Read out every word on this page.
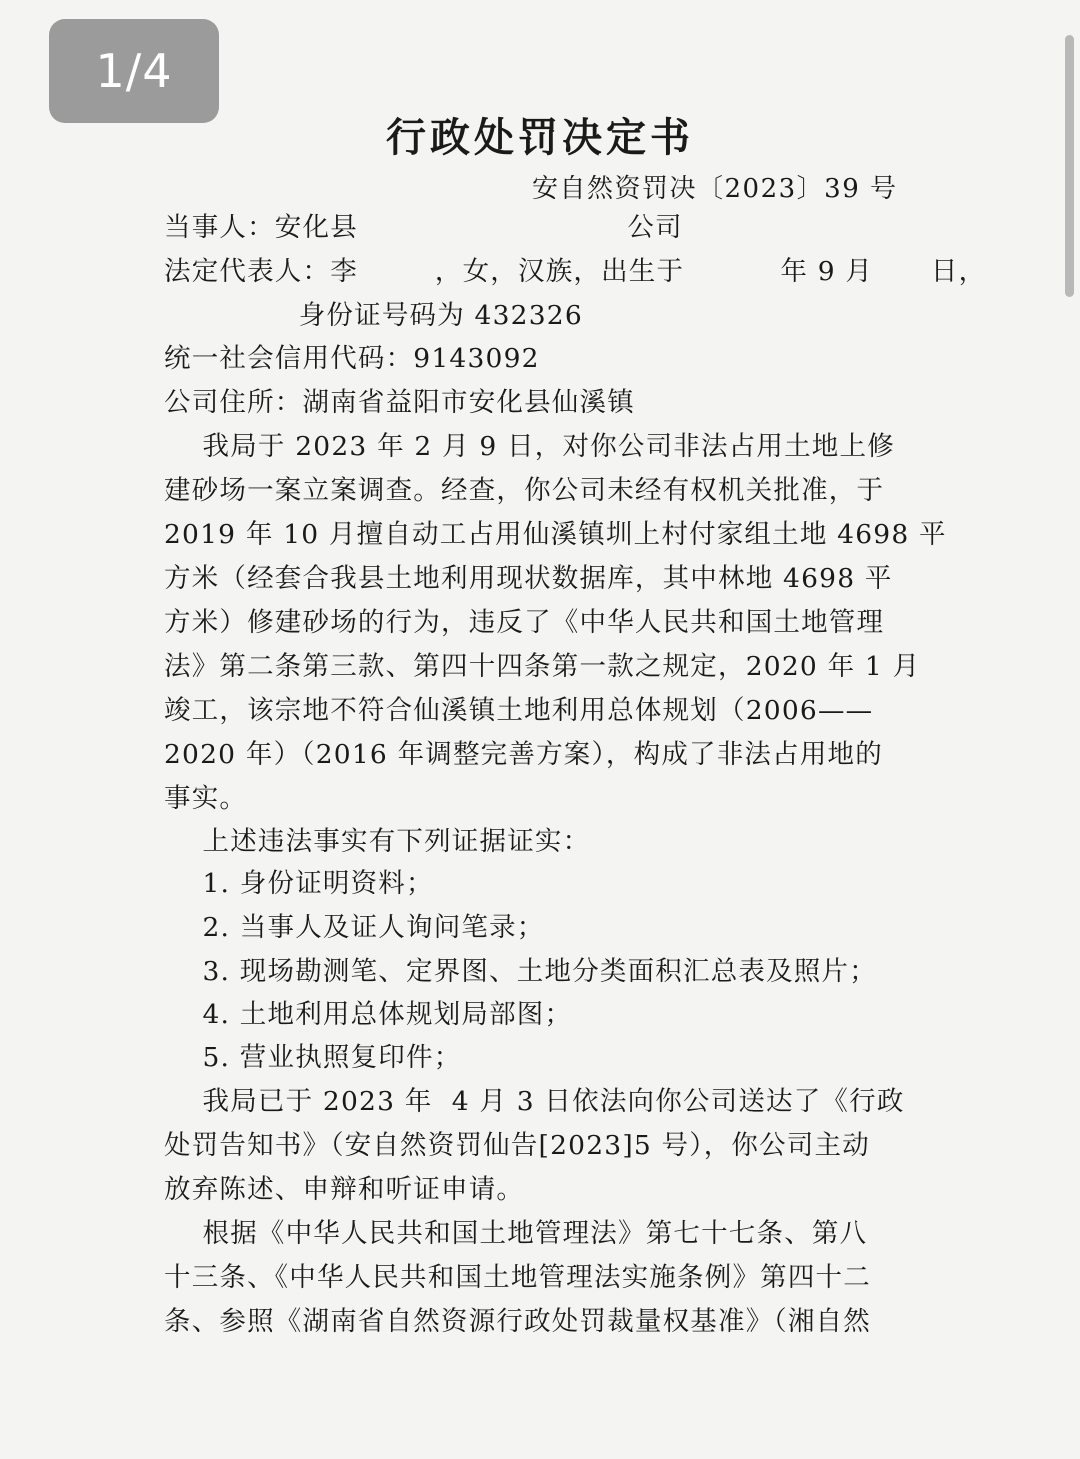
1/4
行政处罚决定书
安自然资罚决〔2023〕39 号
当事人：安化县                            公司
法定代表人：李        ，女，汉族，出生于          年 9 月      日，
身份证号码为 432326
统一社会信用代码：9143092
公司住所：湖南省益阳市安化县仙溪镇
我局于 2023 年 2 月 9 日，对你公司非法占用土地上修
建砂场一案立案调查。经查，你公司未经有权机关批准，于
2019 年 10 月擅自动工占用仙溪镇圳上村付家组土地 4698 平
方米（经套合我县土地利用现状数据库，其中林地 4698 平
方米）修建砂场的行为，违反了《中华人民共和国土地管理
法》第二条第三款、第四十四条第一款之规定，2020 年 1 月
竣工，该宗地不符合仙溪镇土地利用总体规划（2006——
2020 年）（2016 年调整完善方案），构成了非法占用地的
事实。
上述违法事实有下列证据证实：
1. 身份证明资料；
2. 当事人及证人询问笔录；
3. 现场勘测笔、定界图、土地分类面积汇总表及照片；
4. 土地利用总体规划局部图；
5. 营业执照复印件；
我局已于 2023 年  4 月 3 日依法向你公司送达了《行政
处罚告知书》（安自然资罚仙告[2023]5 号），你公司主动
放弃陈述、申辩和听证申请。
根据《中华人民共和国土地管理法》第七十七条、第八
十三条、《中华人民共和国土地管理法实施条例》第四十二
条、参照《湖南省自然资源行政处罚裁量权基准》（湘自然
